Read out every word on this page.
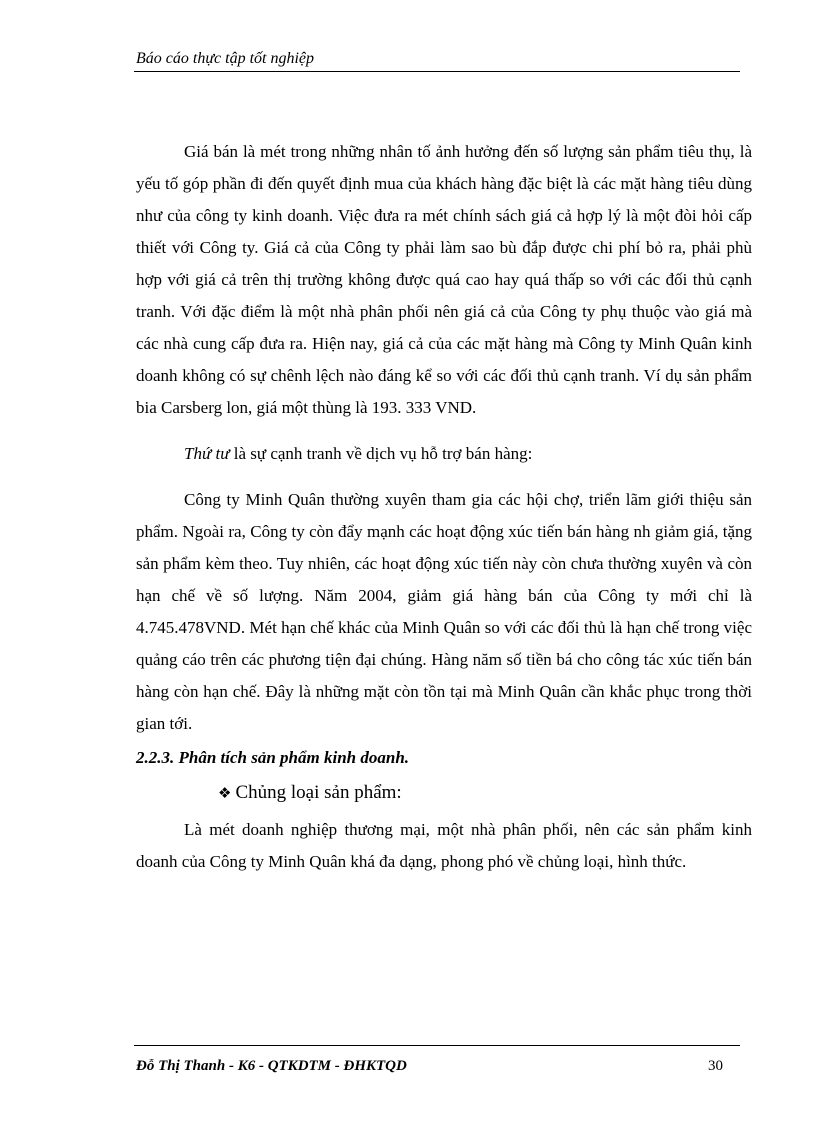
Báo cáo thực tập tốt nghiệp

Giá bán là mét trong những nhân tố ảnh hưởng đến số lượng sản phẩm tiêu thụ, là yếu tố góp phần đi đến quyết định mua của khách hàng đặc biệt là các mặt hàng tiêu dùng như của công ty kinh doanh. Việc đưa ra mét chính sách giá cả hợp lý là một đòi hỏi cấp thiết với Công ty. Giá cả của Công ty phải làm sao bù đắp được chi phí bỏ ra, phải phù hợp với giá cả trên thị trường không được quá cao hay quá thấp so với các đối thủ cạnh tranh. Với đặc điểm là một nhà phân phối nên giá cả của Công ty phụ thuộc vào giá mà các nhà cung cấp đưa ra. Hiện nay, giá cả của các mặt hàng mà Công ty Minh Quân kinh doanh không có sự chênh lệch nào đáng kể so với các đối thủ cạnh tranh. Ví dụ sản phẩm bia Carsberg lon, giá một thùng là 193. 333 VND.

Thứ tư là sự cạnh tranh về dịch vụ hỗ trợ bán hàng:

Công ty Minh Quân thường xuyên tham gia các hội chợ, triển lãm giới thiệu sản phẩm. Ngoài ra, Công ty còn đẩy mạnh các hoạt động xúc tiến bán hàng nh giảm giá, tặng sản phẩm kèm theo. Tuy nhiên, các hoạt động xúc tiến này còn chưa thường xuyên và còn hạn chế về số lượng. Năm 2004, giảm giá hàng bán của Công ty mới chỉ là 4.745.478VND. Mét hạn chế khác của Minh Quân so với các đối thủ là hạn chế trong việc quảng cáo trên các phương tiện đại chúng. Hàng năm số tiền bá cho công tác xúc tiến bán hàng còn hạn chế. Đây là những mặt còn tồn tại mà Minh Quân cần khắc phục trong thời gian tới.

2.2.3. Phân tích sản phẩm kinh doanh.

❖ Chủng loại sản phẩm:

Là mét doanh nghiệp thương mại, một nhà phân phối, nên các sản phẩm kinh doanh của Công ty Minh Quân khá đa dạng, phong phó về chủng loại, hình thức.

Đỗ Thị Thanh - K6 - QTKDTM - ĐHKTQD	30
